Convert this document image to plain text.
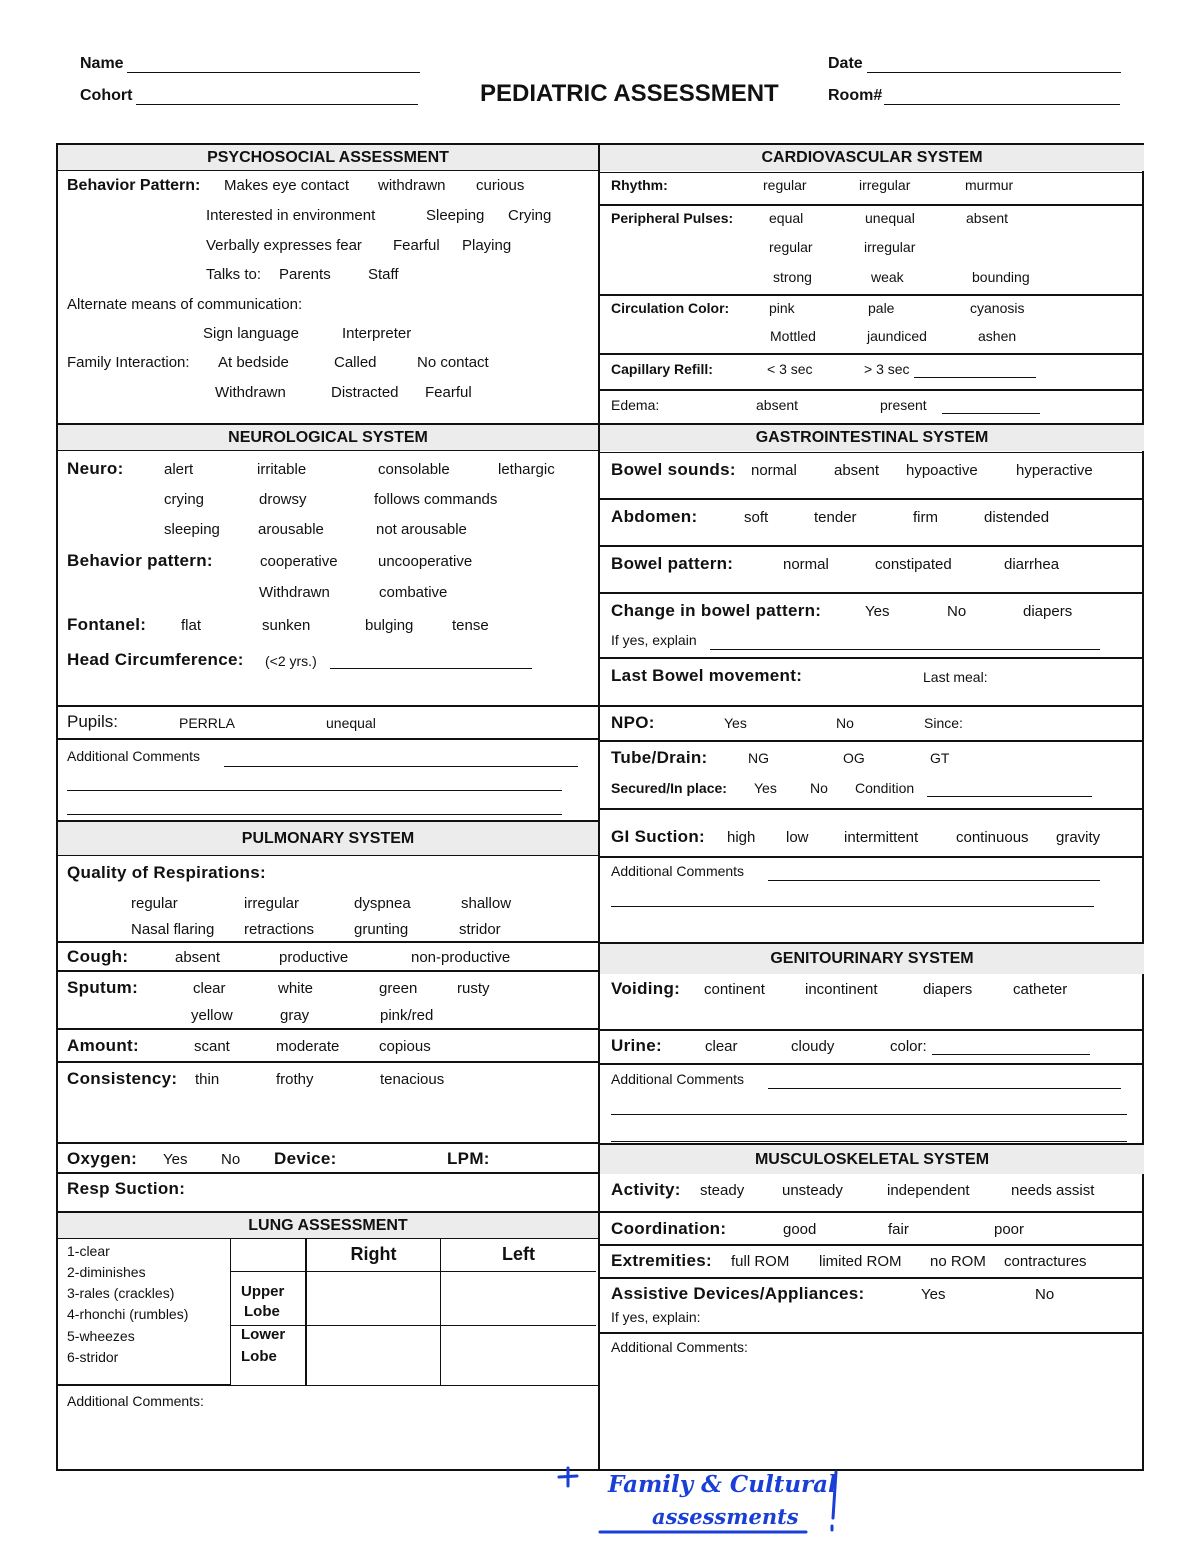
Name
Cohort	PEDIATRIC ASSESSMENT
Date
Room#
PSYCHOSOCIAL ASSESSMENT
Behavior Pattern: Makes eye contact withdrawn curious
Interested in environment	Sleeping Crying
Verbally expresses fear Fearful Playing
Talks to: Parents Staff
Alternate means of communication:
Sign language	Interpreter
Family Interaction: At bedside	Called	No contact
Withdrawn	Distracted Fearful
NEUROLOGICAL SYSTEM
Neuro:	alert	irritable	consolable	lethargic
crying	drowsy	follows commands
sleeping	arousable	not arousable
Behavior pattern:	cooperative	uncooperative
Withdrawn	combative
Fontanel: flat	sunken	bulging	tense
Head Circumference: (<2 yrs.)
Pupils:	PERRLA	unequal
Additional Comments
PULMONARY SYSTEM
Quality of Respirations:
regular	irregular	dyspnea	shallow
Nasal flaring retractions	grunting	stridor
Cough:	absent	productive	non-productive
Sputum:	clear	white	green	rusty
yellow	gray	pink/red
Amount:	scant	moderate	copious
Consistency: thin	frothy	tenacious
Oxygen: Yes No Device:	LPM:
Resp Suction:
LUNG ASSESSMENT
1-clear
2-diminishes
3-rales (crackles)
4-rhonchi (rumbles)
5-wheezes
6-stridor
Right	Left
Upper
Lobe
Lower
Lobe
Additional Comments:
CARDIOVASCULAR SYSTEM
Rhythm:	regular	irregular	murmur
Peripheral Pulses:	equal	unequal	absent
regular	irregular
strong	weak	bounding
Circulation Color:	pink	pale	cyanosis
Mottled	jaundiced	ashen
Capillary Refill:	< 3 sec	> 3 sec
Edema:	absent	present
GASTROINTESTINAL SYSTEM
Bowel sounds: normal absent hypoactive	hyperactive
Abdomen:	soft	tender	firm	distended
Bowel pattern:	normal	constipated	diarrhea
Change in bowel pattern:	Yes	No	diapers
If yes, explain
Last Bowel movement:	Last meal:
NPO:	Yes	No	Since:
Tube/Drain:	NG	OG	GT
Secured/In place: Yes No Condition
GI Suction: high low intermittent	continuous gravity
Additional Comments
GENITOURINARY SYSTEM
Voiding: continent	incontinent	diapers	catheter
Urine:	clear	cloudy	color:
Additional Comments
MUSCULOSKELETAL SYSTEM
Activity: steady	unsteady	independent	needs assist
Coordination:	good	fair	poor
Extremities: full ROM limited ROM no ROM contractures
Assistive Devices/Appliances:	Yes	No
If yes, explain:
Additional Comments:
Family & Cultural
assessments
